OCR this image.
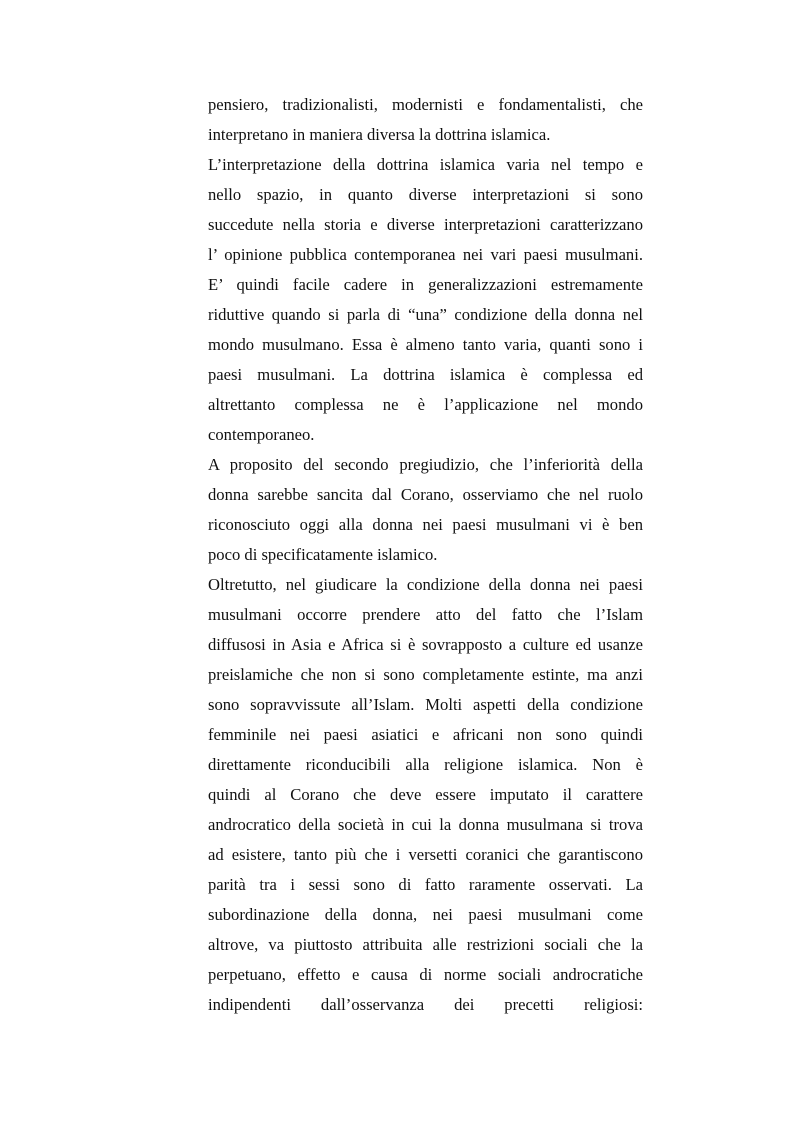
pensiero, tradizionalisti, modernisti e fondamentalisti, che
interpretano in maniera diversa la dottrina islamica.
L’interpretazione della dottrina islamica varia nel tempo e
nello spazio, in quanto diverse interpretazioni si sono
succedute nella storia e diverse interpretazioni caratterizzano
l’ opinione pubblica contemporanea nei vari paesi musulmani.
E’ quindi facile cadere in generalizzazioni estremamente
riduttive quando si parla di “una” condizione della donna nel
mondo musulmano. Essa è almeno tanto varia, quanti sono i
paesi musulmani. La dottrina islamica è complessa ed
altrettanto complessa ne è l’applicazione nel mondo
contemporaneo.
A proposito del secondo pregiudizio, che l’inferiorità della
donna sarebbe sancita dal Corano, osserviamo che nel ruolo
riconosciuto oggi alla donna nei paesi musulmani vi è ben
poco di specificatamente islamico.
Oltretutto, nel giudicare la condizione della donna nei paesi
musulmani occorre prendere atto del fatto che l’Islam
diffusosi in Asia e Africa si è sovrapposto a culture ed usanze
preislamiche che non si sono completamente estinte, ma anzi
sono sopravvissute all’Islam. Molti aspetti della condizione
femminile nei paesi asiatici e africani non sono quindi
direttamente riconducibili alla religione islamica. Non è
quindi al Corano che deve essere imputato il carattere
androcratico della società in cui la donna musulmana si trova
ad esistere, tanto più che i versetti coranici che garantiscono
parità tra i sessi sono di fatto raramente osservati. La
subordinazione della donna, nei paesi musulmani come
altrove, va piuttosto attribuita alle restrizioni sociali che la
perpetuano, effetto e causa di norme sociali androcratiche
indipendenti dall’osservanza dei precetti religiosi:
